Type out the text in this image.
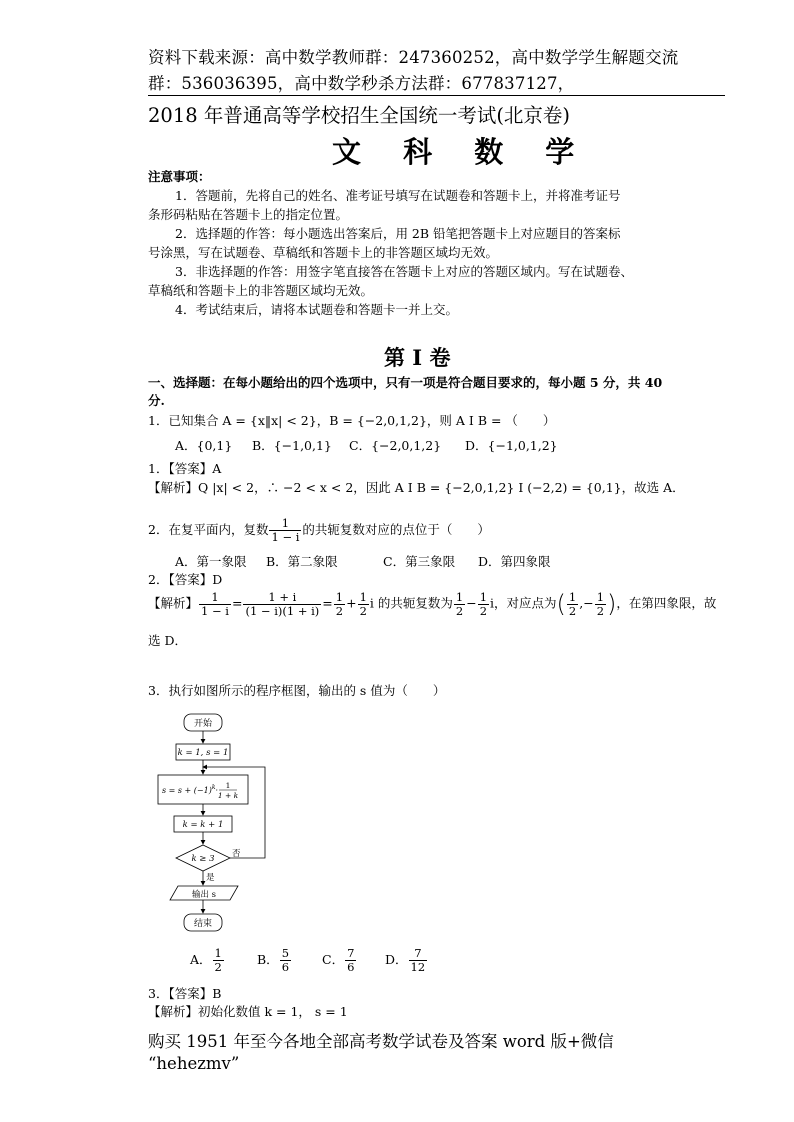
资料下载来源：高中数学教师群：247360252，高中数学学生解题交流
群：536036395，高中数学秒杀方法群：677837127，
2018 年普通高等学校招生全国统一考试(北京卷)
文 科 数 学
注意事项：
1．答题前，先将自己的姓名、准考证号填写在试题卷和答题卡上，并将准考证号
条形码粘贴在答题卡上的指定位置。
2．选择题的作答：每小题选出答案后，用 2B 铅笔把答题卡上对应题目的答案标
号涂黑，写在试题卷、草稿纸和答题卡上的非答题区域均无效。
3．非选择题的作答：用签字笔直接答在答题卡上对应的答题区域内。写在试题卷、
草稿纸和答题卡上的非答题区域均无效。
4．考试结束后，请将本试题卷和答题卡一并上交。
第 I 卷
一、选择题：在每小题给出的四个选项中，只有一项是符合题目要求的，每小题 5 分，共 40
分.
1．已知集合 A = {x‖x| < 2}，B = {−2,0,1,2}，则 A I B = （　　）
A．{0,1} B．{−1,0,1} C．{−2,0,1,2} D．{−1,0,1,2}
1．【答案】A
【解析】Q |x| < 2，∴ −2 < x < 2，因此 A I B = {−2,0,1,2} I (−2,2) = {0,1}，故选 A．
2．在复平面内，复数 $\frac{1}{1 - i}$ 的共轭复数对应的点位于（　　）
A．第一象限 B．第二象限	C．第三象限 D．第四象限
2．【答案】D
【解析】 $\frac{1}{1 - i} = \frac{1 + i}{(1 - i)(1 + i)} = \frac{1}{2} + \frac{1}{2}$ i 的共轭复数为 $\frac{1}{2} - \frac{1}{2}$ i，对应点为( $\frac{1}{2}$ ,− $\frac{1}{2}$ )，在第四象限，故
选 D．
3．执行如图所示的程序框图，输出的 s 值为（　　）
开始
k = 1, s = 1
$s = s + (-1)^k\cdot$
1
1 + k
k = k + 1
k ≥ 3 否
是
输出 s
结束
A． $\frac{1}{2}$	B． $\frac{5}{6}$ C． $\frac{7}{6}$ D． $\frac{7}{12}$
3．【答案】B
【解析】初始化数值 k = 1， s = 1
购买 1951 年至今各地全部高考数学试卷及答案 word 版+微信
“hehezmv”
